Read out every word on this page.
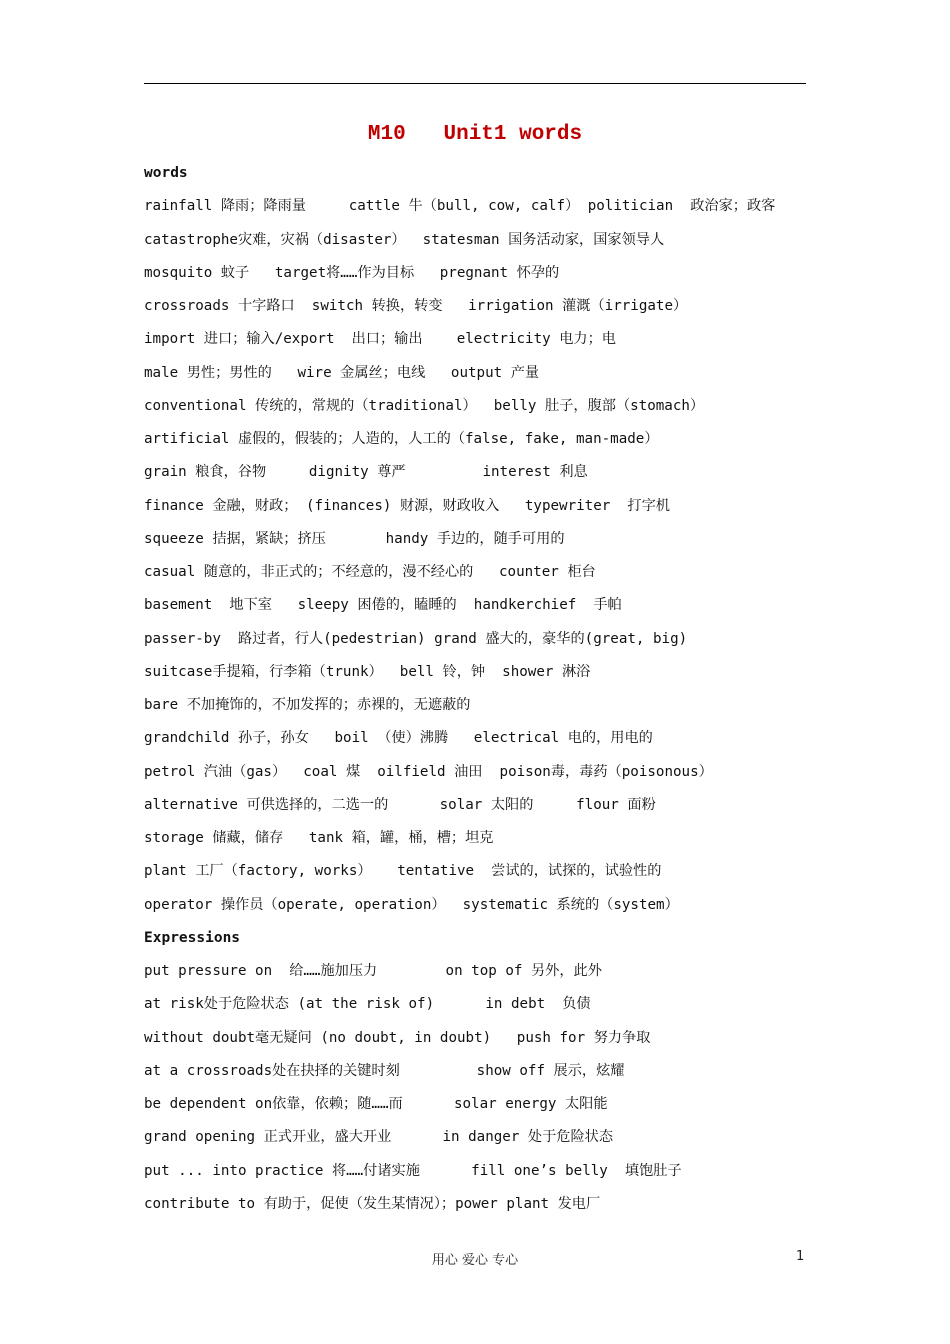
M10   Unit1 words
words
rainfall 降雨；降雨量     cattle 牛（bull, cow, calf） politician  政治家；政客
catastrophe灾难，灾祸（disaster）  statesman 国务活动家，国家领导人
mosquito 蚊子   target将……作为目标   pregnant 怀孕的
crossroads 十字路口  switch 转换，转变   irrigation 灌溉（irrigate）
import 进口；输入/export  出口；输出    electricity 电力；电
male 男性；男性的   wire 金属丝；电线   output 产量
conventional 传统的，常规的（traditional）  belly 肚子，腹部（stomach）
artificial 虚假的，假装的；人造的，人工的（false, fake, man-made）
grain 粮食，谷物     dignity 尊严         interest 利息
finance 金融，财政； (finances) 财源，财政收入   typewriter  打字机
squeeze 拮据，紧缺；挤压       handy 手边的，随手可用的
casual 随意的，非正式的；不经意的，漫不经心的   counter 柜台
basement  地下室   sleepy 困倦的，瞌睡的  handkerchief  手帕
passer-by  路过者，行人(pedestrian) grand 盛大的，豪华的(great, big)
suitcase手提箱，行李箱（trunk）  bell 铃，钟  shower 淋浴
bare 不加掩饰的，不加发挥的；赤裸的，无遮蔽的
grandchild 孙子，孙女   boil （使）沸腾   electrical 电的，用电的
petrol 汽油（gas）  coal 煤  oilfield 油田  poison毒，毒药（poisonous）
alternative 可供选择的，二选一的      solar 太阳的     flour 面粉
storage 储藏，储存   tank 箱，罐，桶，槽；坦克
plant 工厂（factory, works）   tentative  尝试的，试探的，试验性的
operator 操作员（operate, operation）  systematic 系统的（system）
Expressions
put pressure on  给……施加压力        on top of 另外，此外
at risk处于危险状态 (at the risk of)      in debt  负债
without doubt毫无疑问 (no doubt, in doubt)   push for 努力争取
at a crossroads处在抉择的关键时刻         show off 展示，炫耀
be dependent on依靠，依赖；随……而      solar energy 太阳能
grand opening 正式开业，盛大开业      in danger 处于危险状态
put ... into practice 将……付诸实施      fill one’s belly  填饱肚子
contribute to 有助于，促使（发生某情况）；power plant 发电厂
用心 爱心 专心	1
